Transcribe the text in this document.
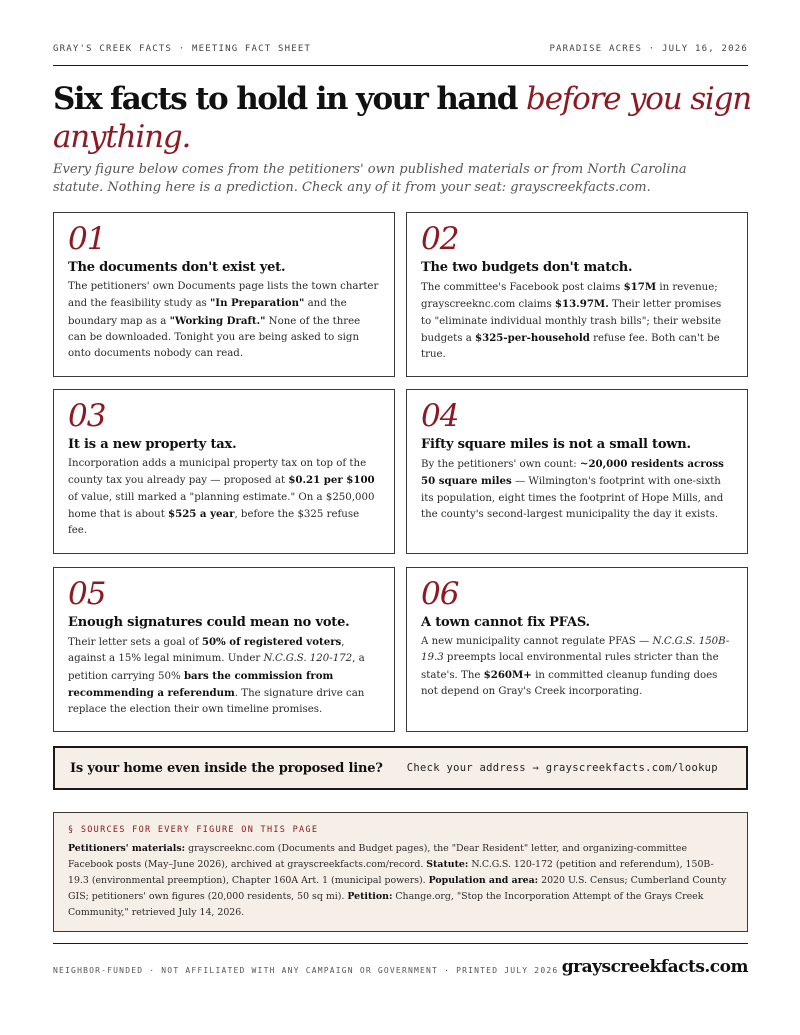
GRAY'S CREEK FACTS · MEETING FACT SHEET	PARADISE ACRES · JULY 16, 2026
Six facts to hold in your hand before you sign anything.

Every figure below comes from the petitioners' own published materials or from North Carolina statute. Nothing here is a prediction. Check any of it from your seat: grayscreekfacts.com.

01
The documents don't exist yet.

The petitioners' own Documents page lists the town charter and the feasibility study as "In Preparation" and the boundary map as a "Working Draft." None of the three can be downloaded. Tonight you are being asked to sign onto documents nobody can read.

02
The two budgets don't match.

The committee's Facebook post claims $17M in revenue; grayscreeknc.com claims $13.97M. Their letter promises to "eliminate individual monthly trash bills"; their website budgets a $325-per-household refuse fee. Both can't be true.

03
It is a new property tax.

Incorporation adds a municipal property tax on top of the county tax you already pay — proposed at $0.21 per $100 of value, still marked a "planning estimate." On a $250,000 home that is about $525 a year, before the $325 refuse fee.

04
Fifty square miles is not a small town.

By the petitioners' own count: ~20,000 residents across 50 square miles — Wilmington's footprint with one-sixth its population, eight times the footprint of Hope Mills, and the county's second-largest municipality the day it exists.

05
Enough signatures could mean no vote.

Their letter sets a goal of 50% of registered voters, against a 15% legal minimum. Under N.C.G.S. 120-172, a petition carrying 50% bars the commission from recommending a referendum. The signature drive can replace the election their own timeline promises.

06
A town cannot fix PFAS.

A new municipality cannot regulate PFAS — N.C.G.S. 150B-19.3 preempts local environmental rules stricter than the state's. The $260M+ in committed cleanup funding does not depend on Gray's Creek incorporating.

Is your home even inside the proposed line? Check your address → grayscreekfacts.com/lookup
§ SOURCES FOR EVERY FIGURE ON THIS PAGE
Petitioners' materials: grayscreeknc.com (Documents and Budget pages), the "Dear Resident" letter, and organizing-committee Facebook posts (May–June 2026), archived at grayscreekfacts.com/record. Statute: N.C.G.S. 120-172 (petition and referendum), 150B-19.3 (environmental preemption), Chapter 160A Art. 1 (municipal powers). Population and area: 2020 U.S. Census; Cumberland County GIS; petitioners' own figures (20,000 residents, 50 sq mi). Petition: Change.org, "Stop the Incorporation Attempt of the Grays Creek Community," retrieved July 14, 2026.
NEIGHBOR-FUNDED · NOT AFFILIATED WITH ANY CAMPAIGN OR GOVERNMENT · PRINTED JULY 2026 grayscreekfacts.com
